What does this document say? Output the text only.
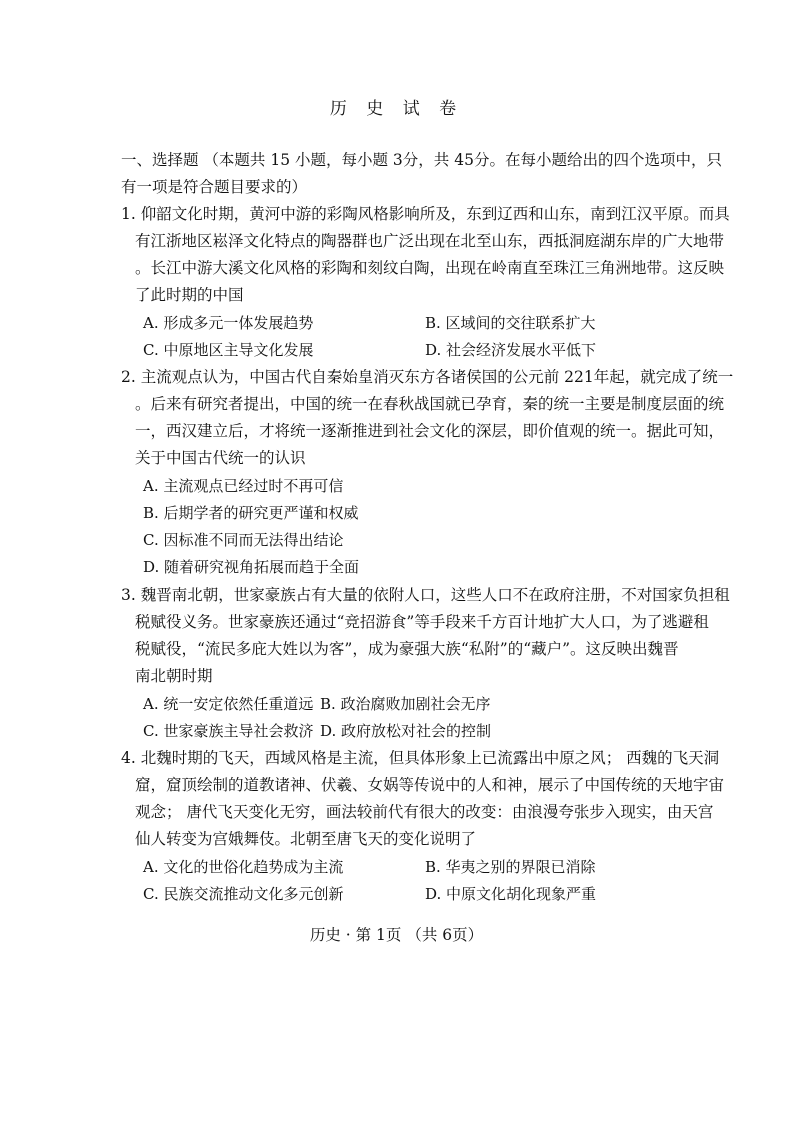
历 史 试 卷
一、选择题 （本题共 15 小题，每小题 3分，共 45分。在每小题给出的四个选项中，只
有一项是符合题目要求的）
1. 仰韶文化时期，黄河中游的彩陶风格影响所及，东到辽西和山东，南到江汉平原。而具
有江浙地区崧泽文化特点的陶器群也广泛出现在北至山东，西抵洞庭湖东岸的广大地带
。长江中游大溪文化风格的彩陶和刻纹白陶，出现在岭南直至珠江三角洲地带。这反映
了此时期的中国
A. 形成多元一体发展趋势	B. 区域间的交往联系扩大
C. 中原地区主导文化发展	D. 社会经济发展水平低下
2. 主流观点认为，中国古代自秦始皇消灭东方各诸侯国的公元前 221年起，就完成了统一
。后来有研究者提出，中国的统一在春秋战国就已孕育，秦的统一主要是制度层面的统
一，西汉建立后，才将统一逐渐推进到社会文化的深层，即价值观的统一。据此可知，
关于中国古代统一的认识
A. 主流观点已经过时不再可信
B. 后期学者的研究更严谨和权威
C. 因标准不同而无法得出结论
D. 随着研究视角拓展而趋于全面
3. 魏晋南北朝，世家豪族占有大量的依附人口，这些人口不在政府注册，不对国家负担租
税赋役义务。世家豪族还通过“竞招游食”等手段来千方百计地扩大人口，为了逃避租
税赋役，“流民多庇大姓以为客”，成为豪强大族“私附”的“藏户”。这反映出魏晋
南北朝时期
A. 统一安定依然任重道远 B. 政治腐败加剧社会无序
C. 世家豪族主导社会救济 D. 政府放松对社会的控制
4. 北魏时期的飞天，西域风格是主流，但具体形象上已流露出中原之风； 西魏的飞天洞
窟，窟顶绘制的道教诸神、伏羲、女娲等传说中的人和神，展示了中国传统的天地宇宙
观念； 唐代飞天变化无穷，画法较前代有很大的改变：由浪漫夸张步入现实，由天宫
仙人转变为宫娥舞伎。北朝至唐飞天的变化说明了
A. 文化的世俗化趋势成为主流	B. 华夷之别的界限已消除
C. 民族交流推动文化多元创新	D. 中原文化胡化现象严重
历史 · 第 1页 （共 6页）
